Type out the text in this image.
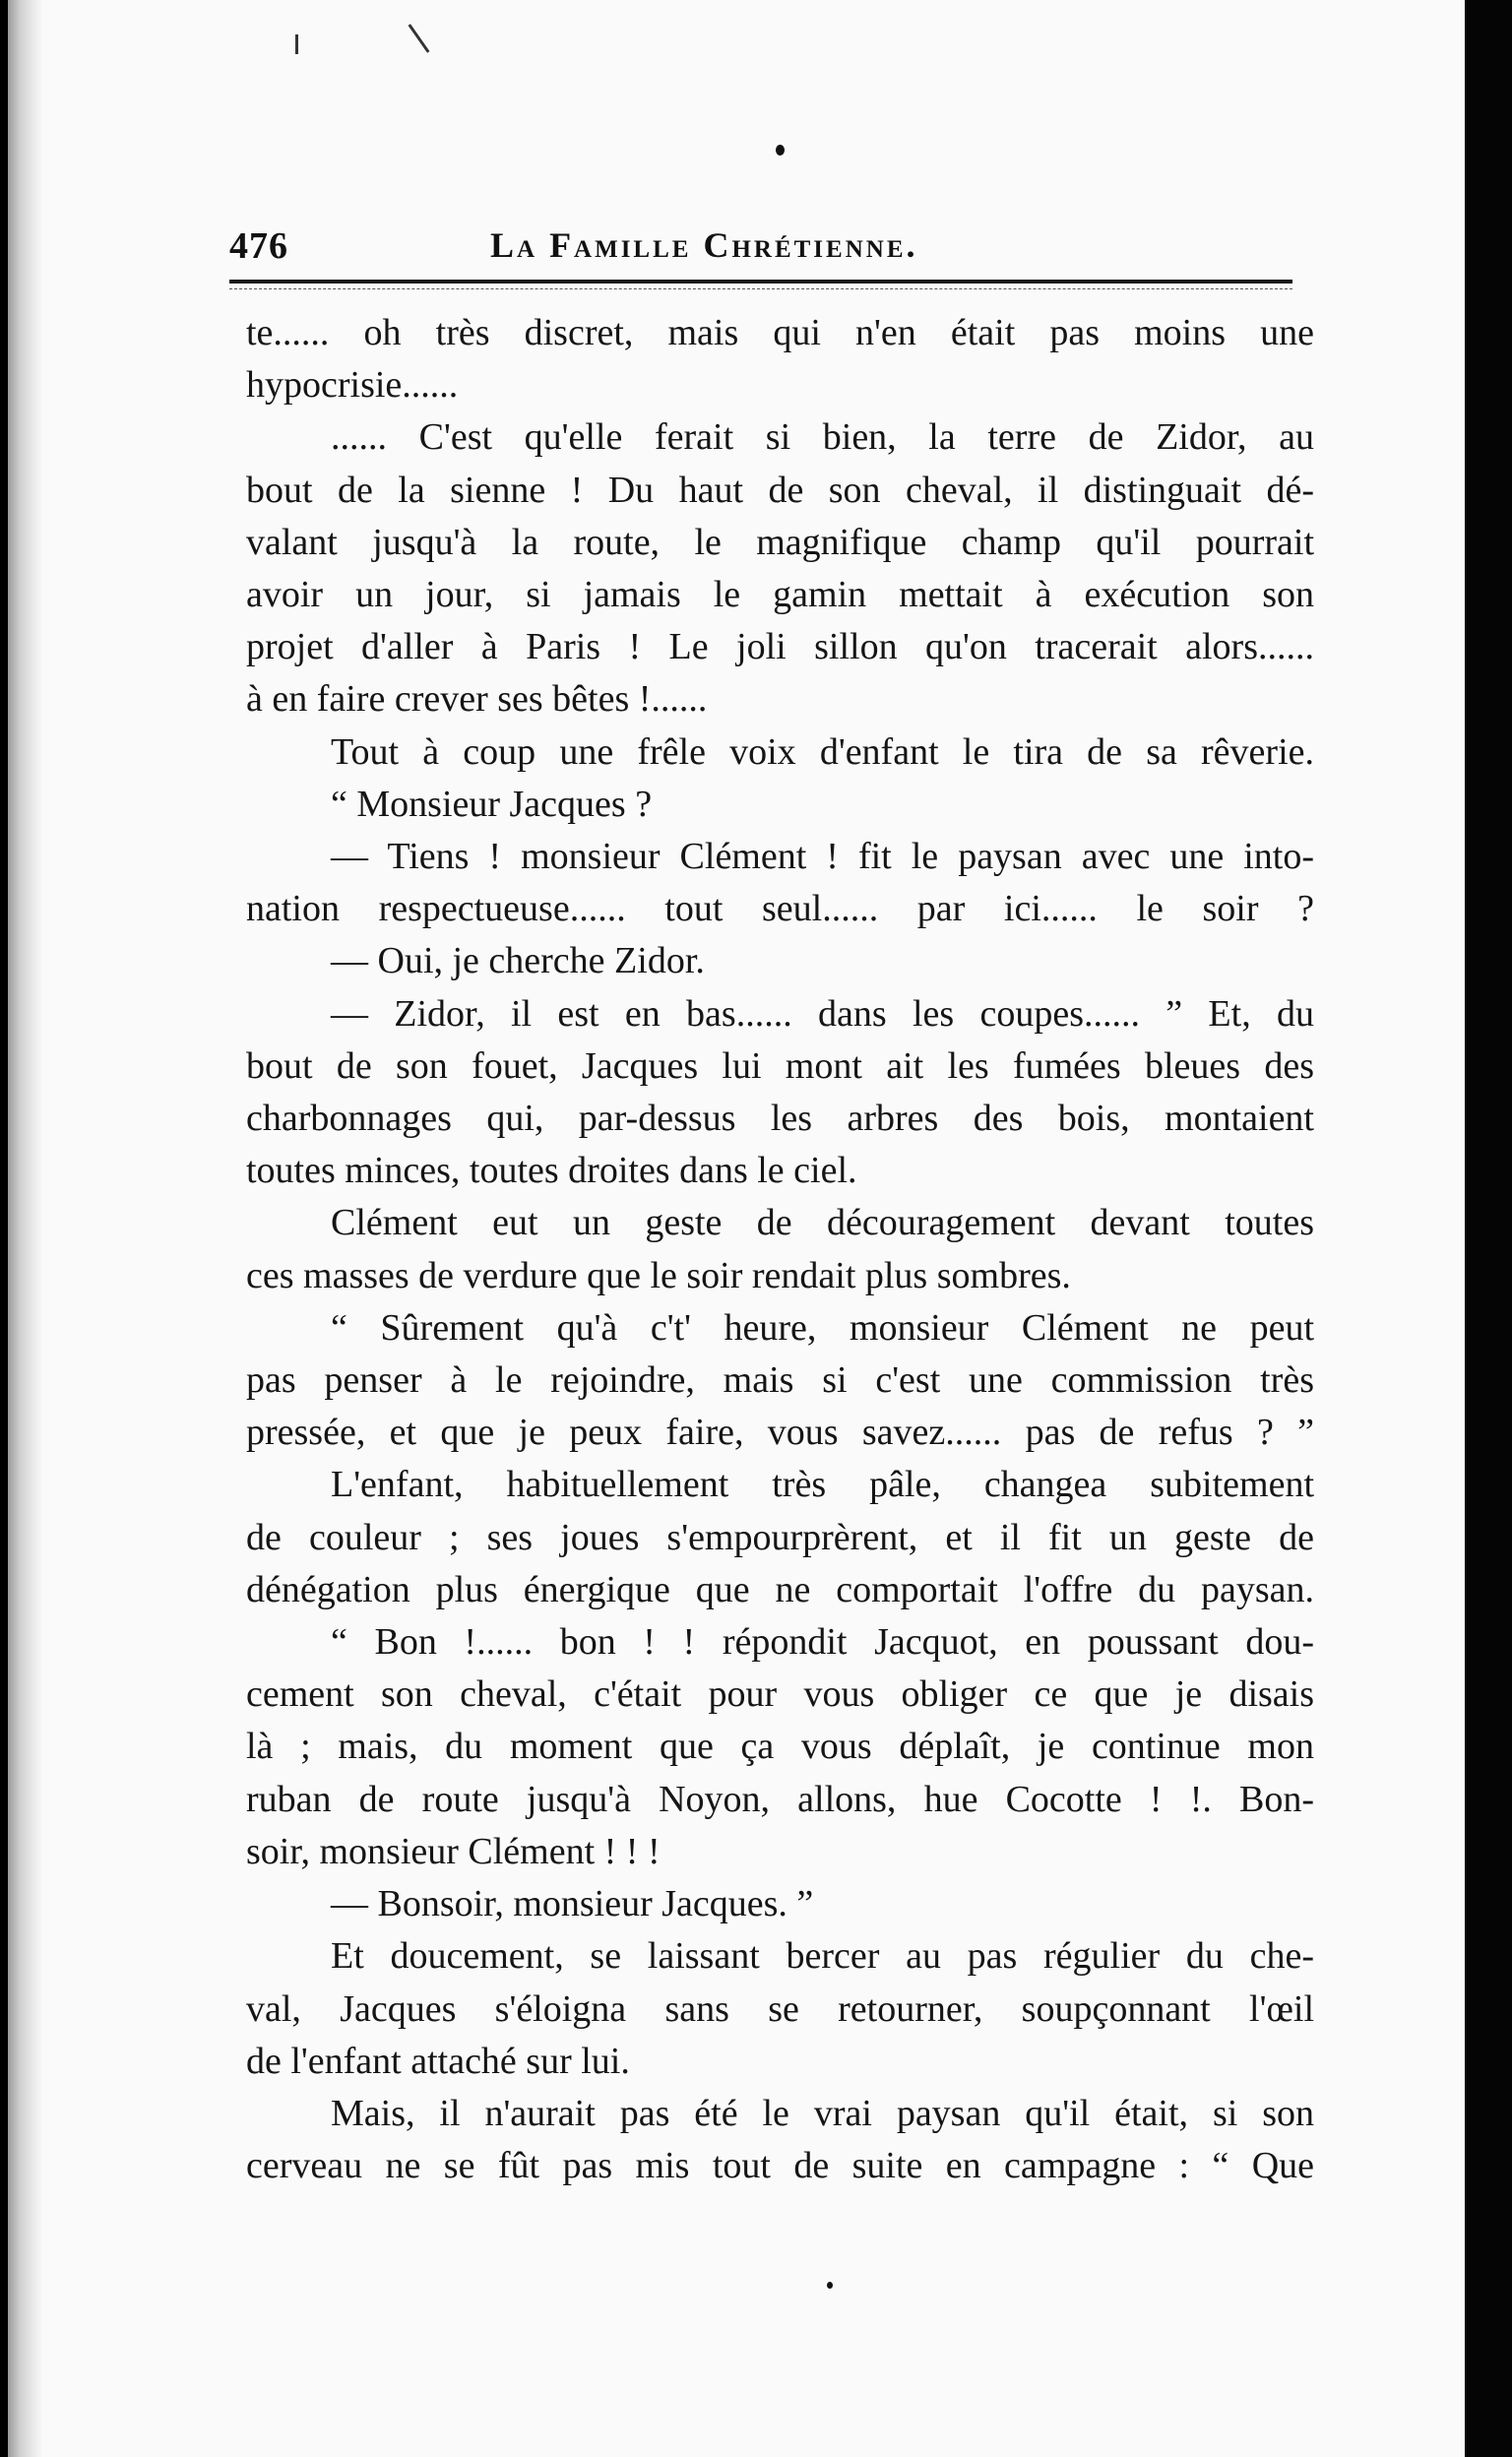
476	La Famille Chrétienne.
te...... oh très discret, mais qui n'en était pas moins une
hypocrisie......
...... C'est qu'elle ferait si bien, la terre de Zidor, au
bout de la sienne ! Du haut de son cheval, il distinguait dé-
valant jusqu'à la route, le magnifique champ qu'il pourrait
avoir un jour, si jamais le gamin mettait à exécution son
projet d'aller à Paris ! Le joli sillon qu'on tracerait alors......
à en faire crever ses bêtes !......
Tout à coup une frêle voix d'enfant le tira de sa rêverie.
“ Monsieur Jacques ?
— Tiens ! monsieur Clément ! fit le paysan avec une into-
nation respectueuse...... tout seul...... par ici...... le soir ?
— Oui, je cherche Zidor.
— Zidor, il est en bas...... dans les coupes...... ” Et, du
bout de son fouet, Jacques lui mont ait les fumées bleues des
charbonnages qui, par-dessus les arbres des bois, montaient
toutes minces, toutes droites dans le ciel.
Clément eut un geste de découragement devant toutes
ces masses de verdure que le soir rendait plus sombres.
“ Sûrement qu'à c't' heure, monsieur Clément ne peut
pas penser à le rejoindre, mais si c'est une commission très
pressée, et que je peux faire, vous savez...... pas de refus ? ”
L'enfant, habituellement très pâle, changea subitement
de couleur ; ses joues s'empourprèrent, et il fit un geste de
dénégation plus énergique que ne comportait l'offre du paysan.
“ Bon !...... bon ! ! répondit Jacquot, en poussant dou-
cement son cheval, c'était pour vous obliger ce que je disais
là ; mais, du moment que ça vous déplaît, je continue mon
ruban de route jusqu'à Noyon, allons, hue Cocotte ! !. Bon-
soir, monsieur Clément ! ! !
— Bonsoir, monsieur Jacques. ”
Et doucement, se laissant bercer au pas régulier du che-
val, Jacques s'éloigna sans se retourner, soupçonnant l'œil
de l'enfant attaché sur lui.
Mais, il n'aurait pas été le vrai paysan qu'il était, si son
cerveau ne se fût pas mis tout de suite en campagne : “ Que
